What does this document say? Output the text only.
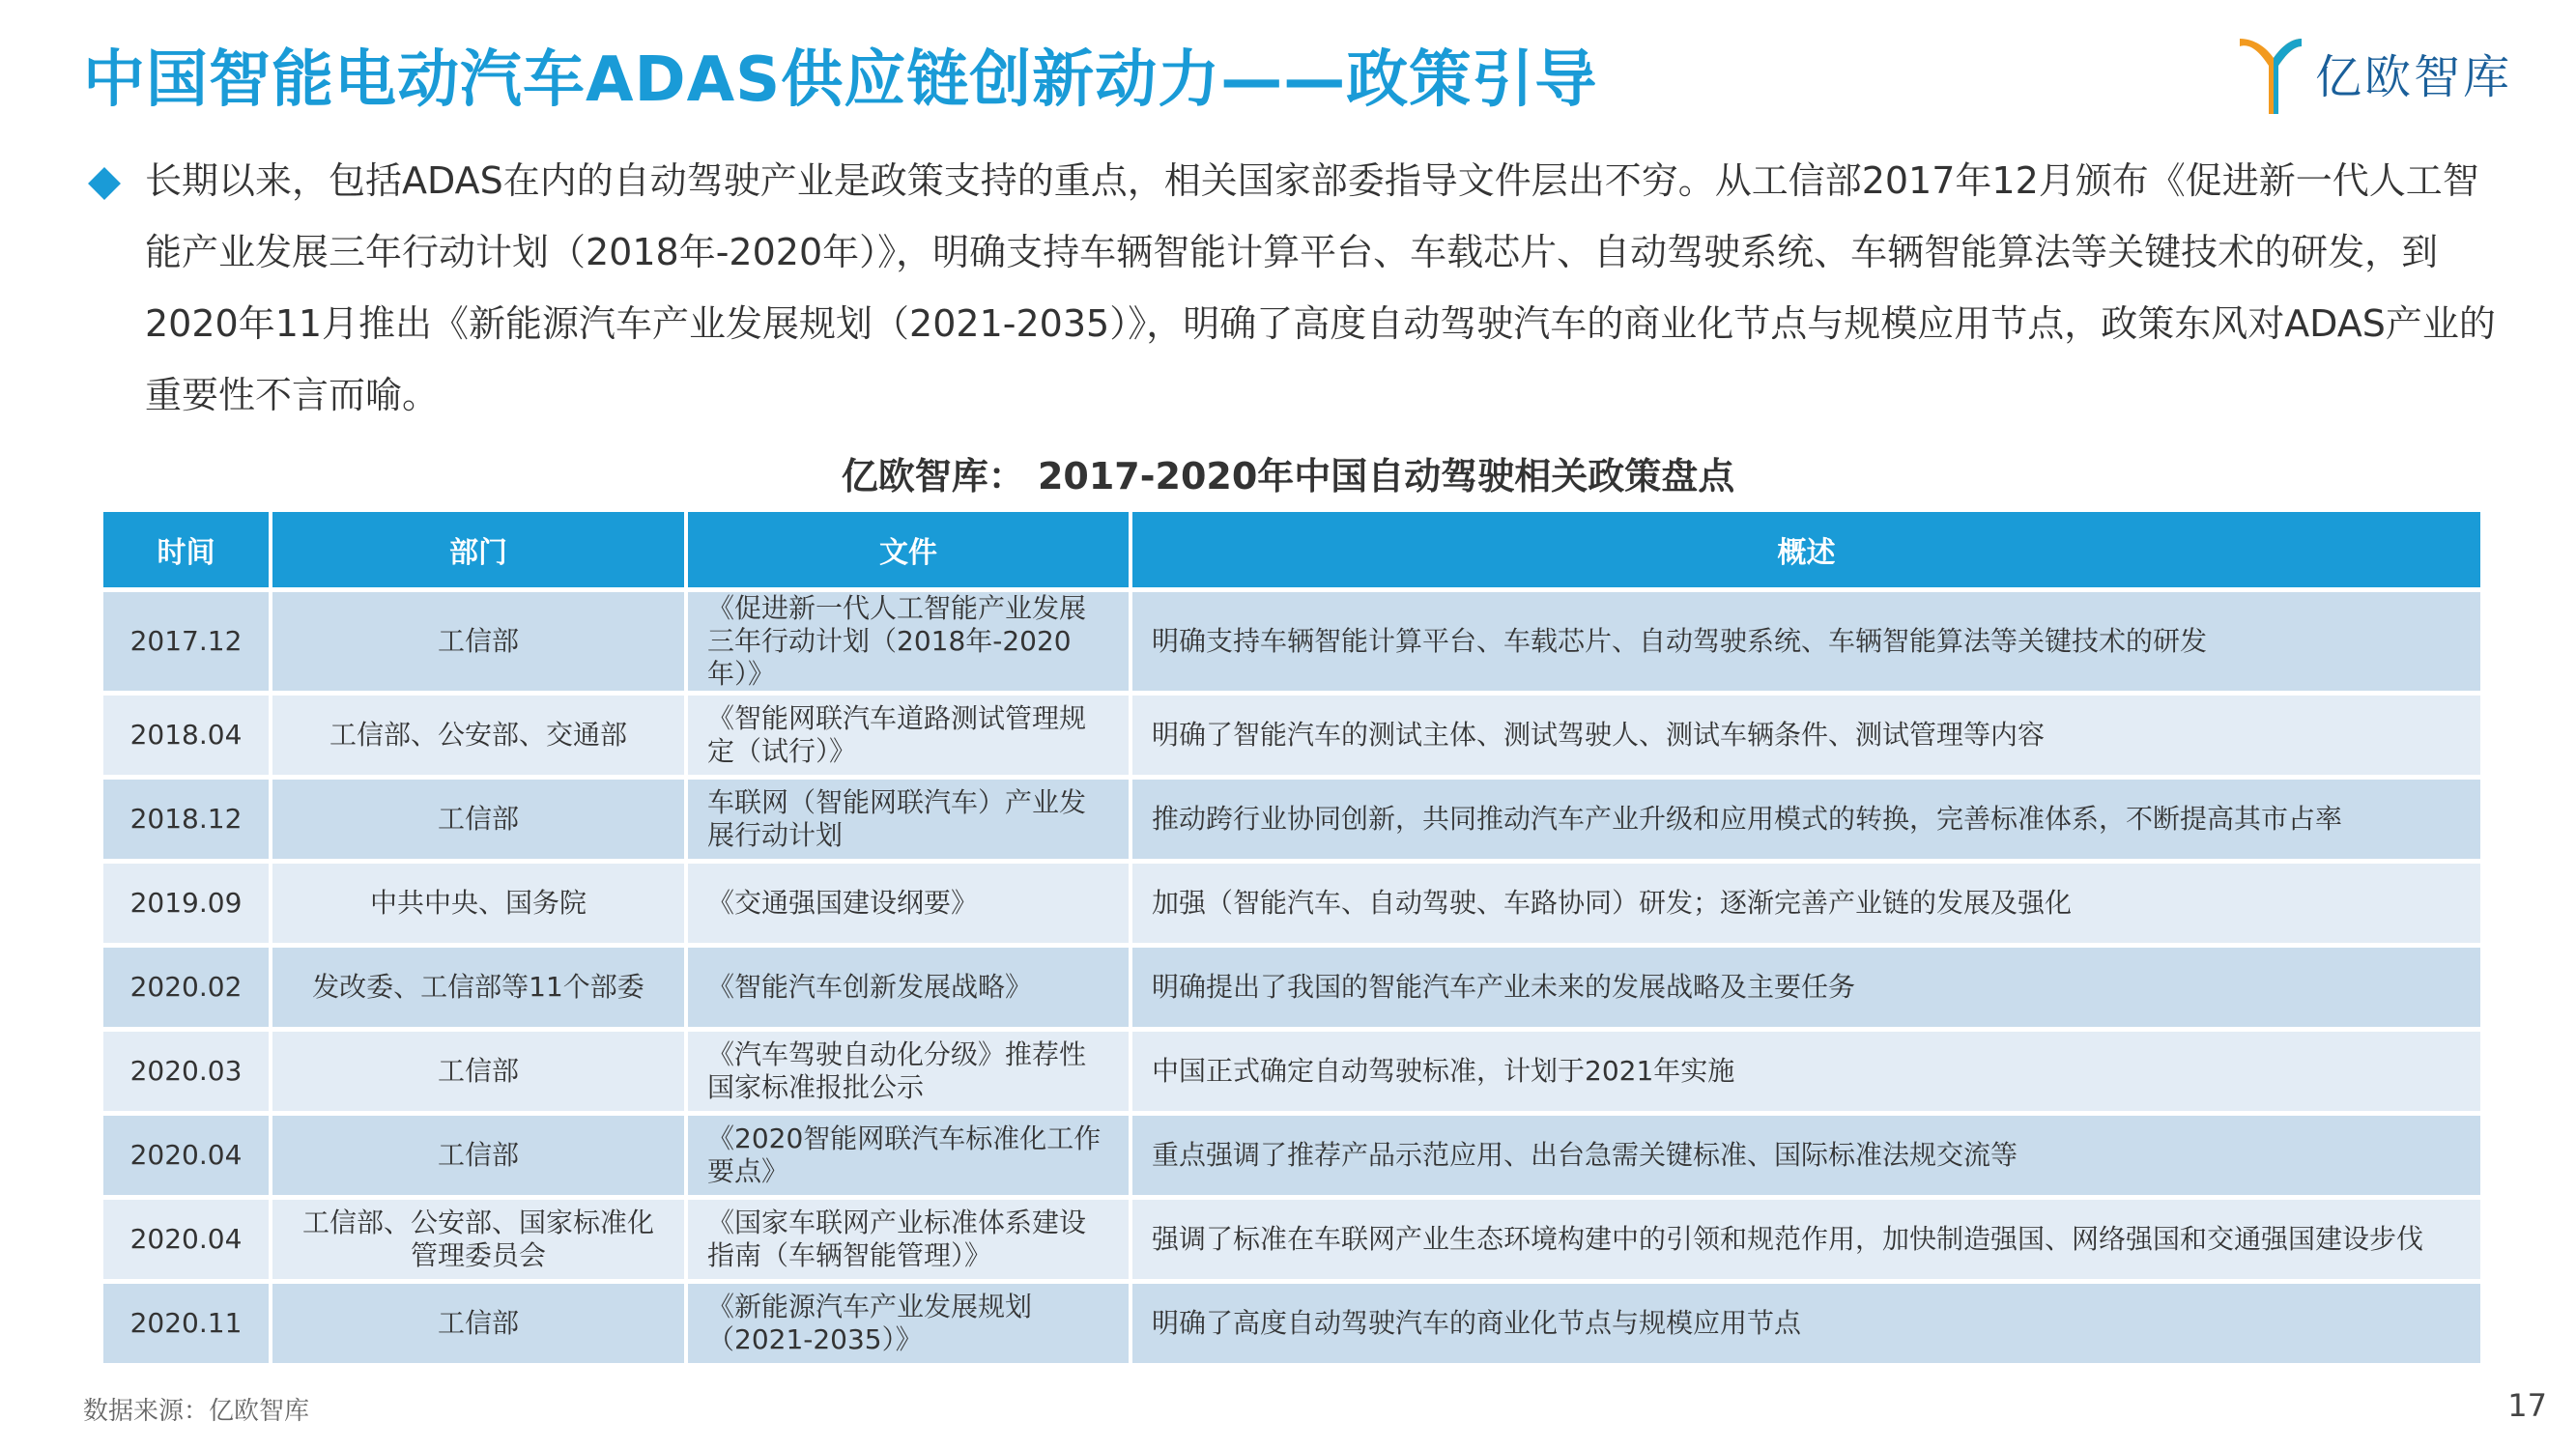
中国智能电动汽车ADAS供应链创新动力——政策引导	亿欧智库

长期以来，包括ADAS在内的自动驾驶产业是政策支持的重点，相关国家部委指导文件层出不穷。从工信部2017年12月颁布《促进新一代人工智能产业发展三年行动计划（2018年-2020年）》，明确支持车辆智能计算平台、车载芯片、自动驾驶系统、车辆智能算法等关键技术的研发，到2020年11月推出《新能源汽车产业发展规划（2021-2035）》，明确了高度自动驾驶汽车的商业化节点与规模应用节点，政策东风对ADAS产业的重要性不言而喻。

亿欧智库： 2017-2020年中国自动驾驶相关政策盘点
时间	部门	文件	概述
2017.12	工信部	《促进新一代人工智能产业发展三年行动计划（2018年-2020年）》	明确支持车辆智能计算平台、车载芯片、自动驾驶系统、车辆智能算法等关键技术的研发
2018.04	工信部、公安部、交通部	《智能网联汽车道路测试管理规定（试行）》	明确了智能汽车的测试主体、测试驾驶人、测试车辆条件、测试管理等内容
2018.12	工信部	车联网（智能网联汽车）产业发展行动计划	推动跨行业协同创新，共同推动汽车产业升级和应用模式的转换，完善标准体系，不断提高其市占率
2019.09	中共中央、国务院	《交通强国建设纲要》	加强（智能汽车、自动驾驶、车路协同）研发；逐渐完善产业链的发展及强化
2020.02	发改委、工信部等11个部委	《智能汽车创新发展战略》	明确提出了我国的智能汽车产业未来的发展战略及主要任务
2020.03	工信部	《汽车驾驶自动化分级》推荐性国家标准报批公示	中国正式确定自动驾驶标准，计划于2021年实施
2020.04	工信部	《2020智能网联汽车标准化工作要点》	重点强调了推荐产品示范应用、出台急需关键标准、国际标准法规交流等
2020.04	工信部、公安部、国家标准化管理委员会	《国家车联网产业标准体系建设指南（车辆智能管理）》	强调了标准在车联网产业生态环境构建中的引领和规范作用，加快制造强国、网络强国和交通强国建设步伐
2020.11	工信部	《新能源汽车产业发展规划（2021-2035）》	明确了高度自动驾驶汽车的商业化节点与规模应用节点
数据来源：亿欧智库	17
